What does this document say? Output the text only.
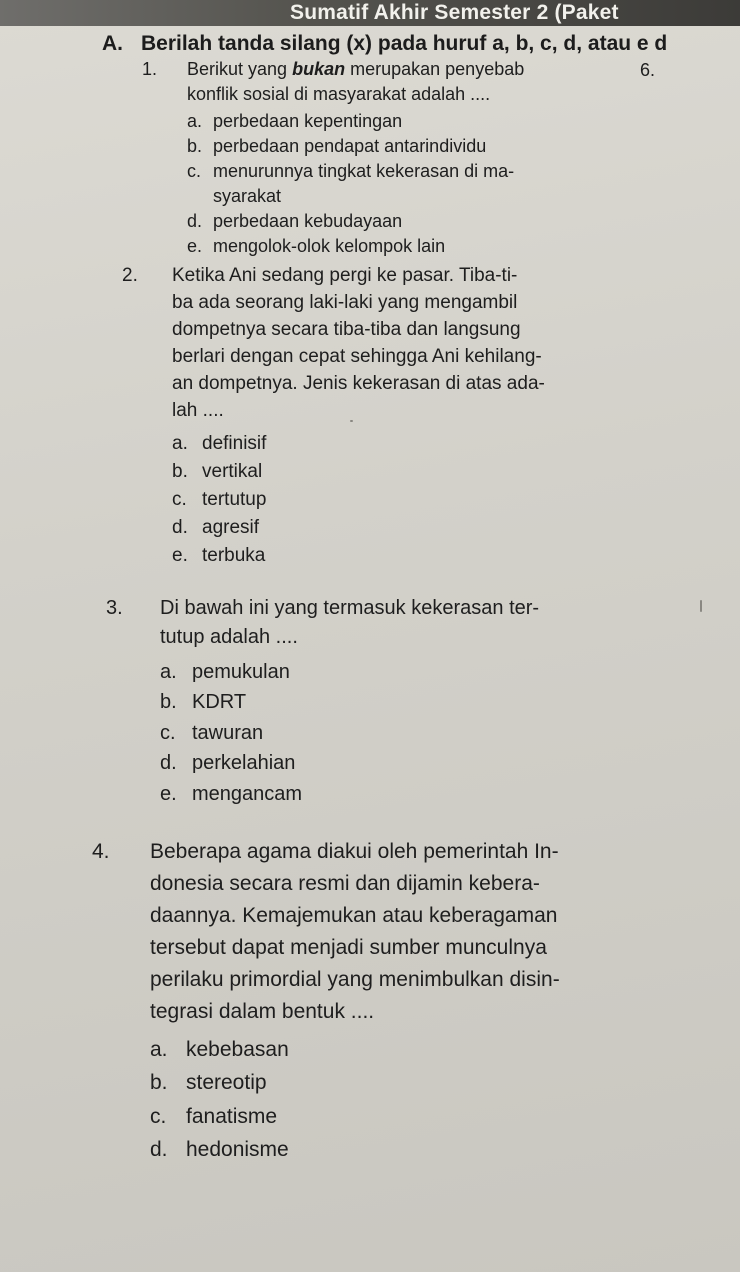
Sumatif Akhir Semester 2 (Paket
A. Berilah tanda silang (x) pada huruf a, b, c, d, atau e d
1. Berikut yang bukan merupakan penyebab	6.
konflik sosial di masyarakat adalah ....
a. perbedaan kepentingan
b. perbedaan pendapat antarindividu
c. menurunnya tingkat kekerasan di ma-
syarakat
d. perbedaan kebudayaan
e. mengolok-olok kelompok lain
2. Ketika Ani sedang pergi ke pasar. Tiba-ti-
ba ada seorang laki-laki yang mengambil
dompetnya secara tiba-tiba dan langsung
berlari dengan cepat sehingga Ani kehilang-
an dompetnya. Jenis kekerasan di atas ada-
lah ....
a. definisif
b. vertikal
c. tertutup
d. agresif
e. terbuka
3. Di bawah ini yang termasuk kekerasan ter-
tutup adalah ....
a. pemukulan
b. KDRT
c. tawuran
d. perkelahian
e. mengancam
4. Beberapa agama diakui oleh pemerintah In-
donesia secara resmi dan dijamin kebera-
daannya. Kemajemukan atau keberagaman
tersebut dapat menjadi sumber munculnya
perilaku primordial yang menimbulkan disin-
tegrasi dalam bentuk ....
a. kebebasan
b. stereotip
c. fanatisme
d. hedonisme
